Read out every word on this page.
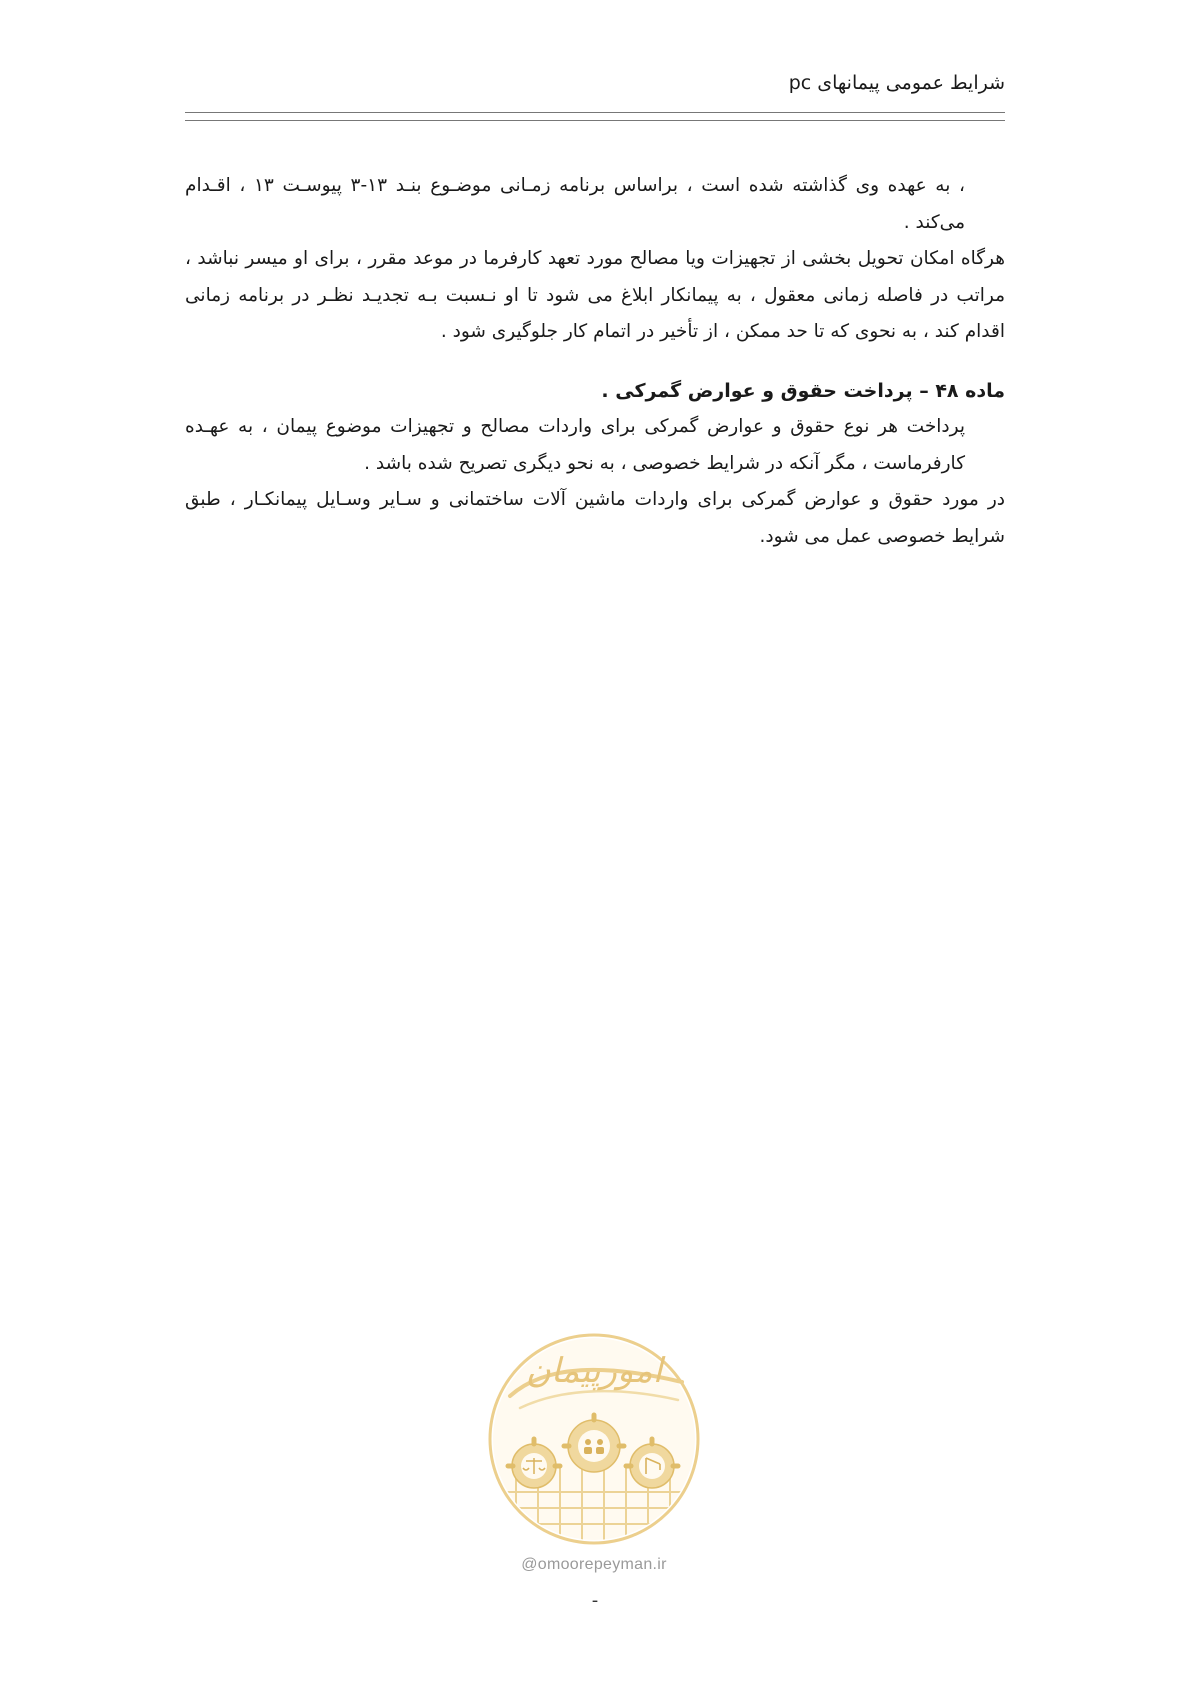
شرایط عمومی پیمانهای pc

، به عهده وی گذاشته شده است ، براساس برنامه زمـانی موضـوع بنـد ۱۳-۳ پیوسـت ۱۳ ، اقـدام می‌کند .

هرگاه امکان تحویل بخشی از تجهیزات ویا مصالح مورد تعهد کارفرما در موعد مقرر ، برای او میسر نباشد ، مراتب در فاصله زمانی معقول ، به پیمانکار ابلاغ می شود تا او نـسبت بـه تجدیـد نظـر در برنامه زمانی اقدام کند ، به نحوی که تا حد ممکن ، از تأخیر در اتمام کار جلوگیری شود .

ماده ۴۸ – پرداخت حقوق و عوارض گمرکی .

پرداخت هر نوع حقوق و عوارض گمرکی برای واردات مصالح و تجهیزات موضوع پیمان ، به عهـده کارفرماست ، مگر آنکه در شرایط خصوصی ، به نحو دیگری تصریح شده باشد .

در مورد حقوق و عوارض گمرکی برای واردات ماشین آلات ساختمانی و سـایر وسـایل پیمانکـار ، طبق شرایط خصوصی عمل می شود.

امورپیمان
@omoorepeyman.ir
-
